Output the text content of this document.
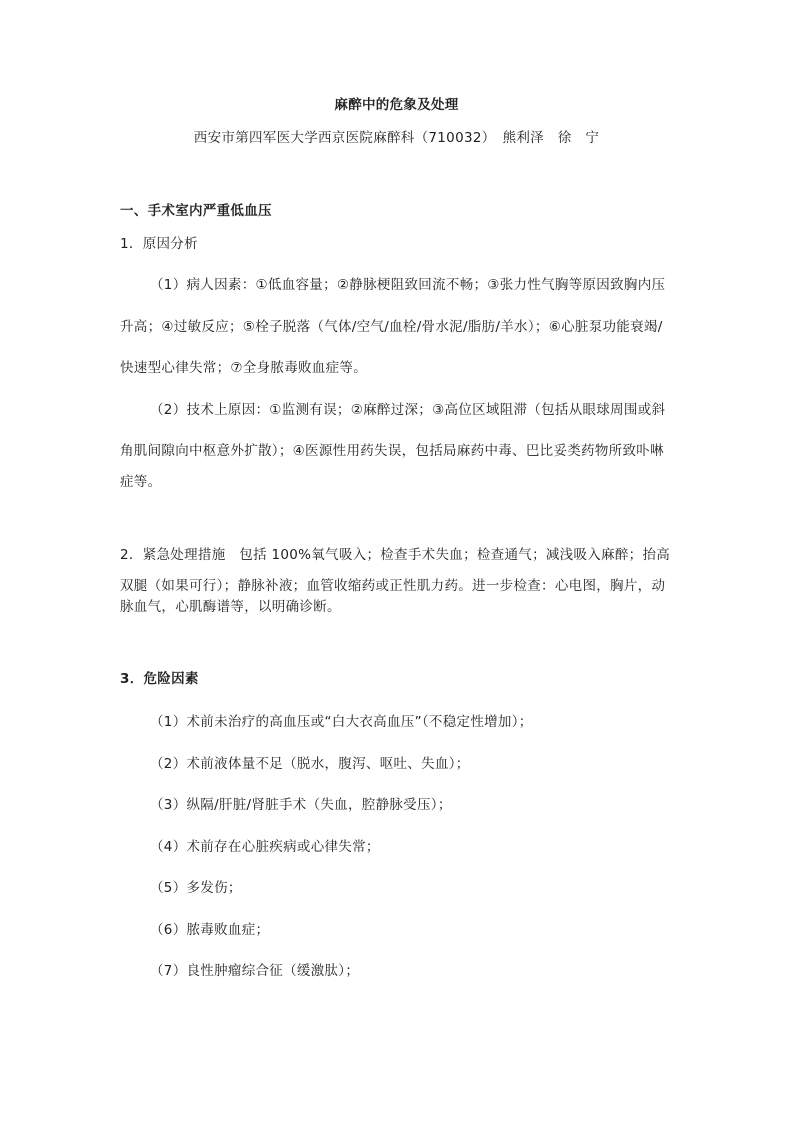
麻醉中的危象及处理
西安市第四军医大学西京医院麻醉科（710032）　熊利泽　徐　宁
一、手术室内严重低血压
1．原因分析
（1）病人因素：①低血容量；②静脉梗阻致回流不畅；③张力性气胸等原因致胸内压
升高；④过敏反应；⑤栓子脱落（气体/空气/血栓/骨水泥/脂肪/羊水）；⑥心脏泵功能衰竭/
快速型心律失常；⑦全身脓毒败血症等。
（2）技术上原因：①监测有误；②麻醉过深；③高位区域阻滞（包括从眼球周围或斜
角肌间隙向中枢意外扩散）；④医源性用药失误，包括局麻药中毒、巴比妥类药物所致卟啉
症等。
2．紧急处理措施　包括 100%氧气吸入；检查手术失血；检查通气；减浅吸入麻醉；抬高
双腿（如果可行）；静脉补液；血管收缩药或正性肌力药。进一步检查：心电图，胸片，动
脉血气，心肌酶谱等，以明确诊断。
3．危险因素
（1）术前未治疗的高血压或“白大衣高血压”（不稳定性增加）；
（2）术前液体量不足（脱水，腹泻、呕吐、失血）；
（3）纵隔/肝脏/肾脏手术（失血，腔静脉受压）；
（4）术前存在心脏疾病或心律失常；
（5）多发伤；
（6）脓毒败血症；
（7）良性肿瘤综合征（缓激肽）；
